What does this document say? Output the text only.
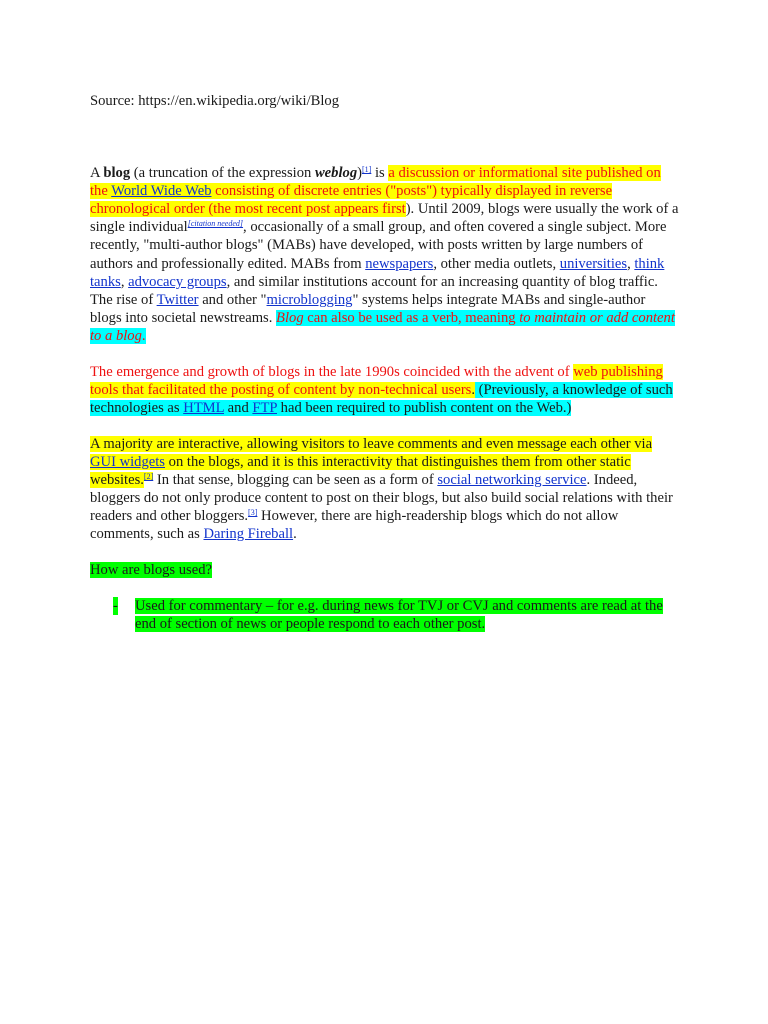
Source: https://en.wikipedia.org/wiki/Blog

A blog (a truncation of the expression weblog)[1] is a discussion or informational site published on the World Wide Web consisting of discrete entries ("posts") typically displayed in reverse chronological order (the most recent post appears first). Until 2009, blogs were usually the work of a single individual[citation needed], occasionally of a small group, and often covered a single subject. More recently, "multi-author blogs" (MABs) have developed, with posts written by large numbers of authors and professionally edited. MABs from newspapers, other media outlets, universities, think tanks, advocacy groups, and similar institutions account for an increasing quantity of blog traffic. The rise of Twitter and other "microblogging" systems helps integrate MABs and single-author blogs into societal newstreams. Blog can also be used as a verb, meaning to maintain or add content to a blog.

The emergence and growth of blogs in the late 1990s coincided with the advent of web publishing tools that facilitated the posting of content by non-technical users. (Previously, a knowledge of such technologies as HTML and FTP had been required to publish content on the Web.)

A majority are interactive, allowing visitors to leave comments and even message each other via GUI widgets on the blogs, and it is this interactivity that distinguishes them from other static websites.[2] In that sense, blogging can be seen as a form of social networking service. Indeed, bloggers do not only produce content to post on their blogs, but also build social relations with their readers and other bloggers.[3] However, there are high-readership blogs which do not allow comments, such as Daring Fireball.

How are blogs used?

- Used for commentary – for e.g. during news for TVJ or CVJ and comments are read at the end of section of news or people respond to each other post.
